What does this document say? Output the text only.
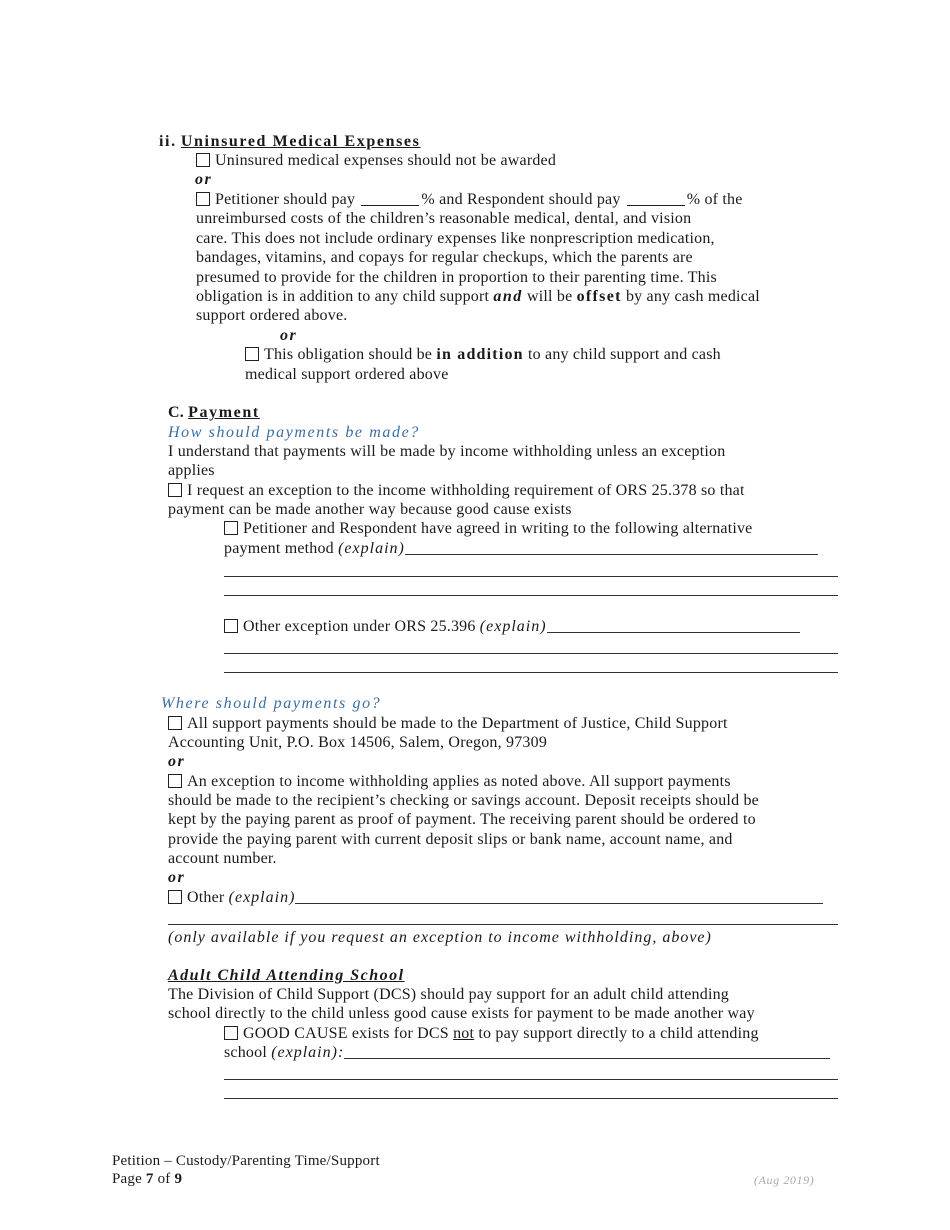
ii. Uninsured Medical Expenses
Uninsured medical expenses should not be awarded
or
Petitioner should pay	% and Respondent should pay	% of the
unreimbursed costs of the children’s reasonable medical, dental, and vision
care. This does not include ordinary expenses like nonprescription medication,
bandages, vitamins, and copays for regular checkups, which the parents are
presumed to provide for the children in proportion to their parenting time. This
obligation is in addition to any child support and will be offset by any cash medical
support ordered above.
or
This obligation should be in addition to any child support and cash
medical support ordered above
C. Payment
How should payments be made?
I understand that payments will be made by income withholding unless an exception
applies
I request an exception to the income withholding requirement of ORS 25.378 so that
payment can be made another way because good cause exists
Petitioner and Respondent have agreed in writing to the following alternative
payment method (explain)
Other exception under ORS 25.396 (explain)
Where should payments go?
All support payments should be made to the Department of Justice, Child Support
Accounting Unit, P.O. Box 14506, Salem, Oregon, 97309
or
An exception to income withholding applies as noted above. All support payments
should be made to the recipient’s checking or savings account. Deposit receipts should be
kept by the paying parent as proof of payment. The receiving parent should be ordered to
provide the paying parent with current deposit slips or bank name, account name, and
account number.
or
Other (explain)
(only available if you request an exception to income withholding, above)
Adult Child Attending School
The Division of Child Support (DCS) should pay support for an adult child attending
school directly to the child unless good cause exists for payment to be made another way
GOOD CAUSE exists for DCS not to pay support directly to a child attending
school (explain):
Petition – Custody/Parenting Time/Support
Page 7 of 9	(Aug 2019)
